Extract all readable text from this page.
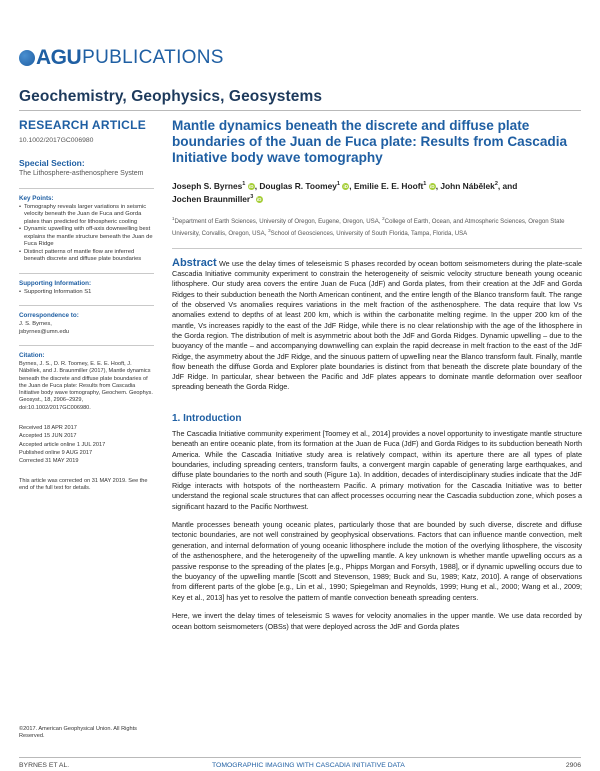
AGU PUBLICATIONS
Geochemistry, Geophysics, Geosystems
RESEARCH ARTICLE
10.1002/2017GC006980
Special Section:
The Lithosphere-asthenosphere System
Key Points:
• Tomography reveals larger variations in seismic velocity beneath the Juan de Fuca and Gorda plates than predicted for lithospheric cooling
• Dynamic upwelling with off-axis downwelling best explains the mantle structure beneath the Juan de Fuca Ridge
• Distinct patterns of mantle flow are inferred beneath discrete and diffuse plate boundaries
Supporting Information:
• Supporting Information S1
Correspondence to:
J. S. Byrnes,
jsbyrnes@umn.edu
Citation:
Byrnes, J. S., D. R. Toomey, E. E. E. Hooft, J. Nábělek, and J. Braunmiller (2017), Mantle dynamics beneath the discrete and diffuse plate boundaries of the Juan de Fuca plate: Results from Cascadia Initiative body wave tomography, Geochem. Geophys. Geosyst., 18, 2906–2929, doi:10.1002/2017GC006980.
Received 18 APR 2017
Accepted 15 JUN 2017
Accepted article online 1 JUL 2017
Published online 9 AUG 2017
Corrected 31 MAY 2019
This article was corrected on 31 MAY 2019. See the end of the full text for details.
©2017. American Geophysical Union. All Rights Reserved.
Mantle dynamics beneath the discrete and diffuse plate boundaries of the Juan de Fuca plate: Results from Cascadia Initiative body wave tomography
Joseph S. Byrnes$^1$ iD, Douglas R. Toomey$^1$ iD, Emilie E. E. Hooft$^1$ iD, John Nábělek$^2$, and
Jochen Braunmiller$^3$ iD
$^1$Department of Earth Sciences, University of Oregon, Eugene, Oregon, USA, $^2$College of Earth, Ocean, and Atmospheric Sciences, Oregon State University, Corvallis, Oregon, USA, $^3$School of Geosciences, University of South Florida, Tampa, Florida, USA
Abstract We use the delay times of teleseismic S phases recorded by ocean bottom seismometers during the plate-scale Cascadia Initiative community experiment to constrain the heterogeneity of seismic velocity structure beneath young oceanic lithosphere. Our study area covers the entire Juan de Fuca (JdF) and Gorda plates, from their creation at the JdF and Gorda Ridges to their subduction beneath the North American continent, and the entire length of the Blanco transform fault. The range of the observed Vs anomalies requires variations in the melt fraction of the asthenosphere. The data require that low Vs anomalies extend to depths of at least 200 km, which is within the carbonatite melting regime. In the upper 200 km of the mantle, Vs increases rapidly to the east of the JdF Ridge, while there is no clear relationship with the age of the lithosphere in the Gorda region. The distribution of melt is asymmetric about both the JdF and Gorda Ridges. Dynamic upwelling – due to the buoyancy of the mantle – and accompanying downwelling can explain the rapid decrease in melt fraction to the east of the JdF Ridge, the asymmetry about the JdF Ridge, and the sinuous pattern of upwelling near the Blanco transform fault. Finally, mantle flow beneath the diffuse Gorda and Explorer plate boundaries is distinct from that beneath the discrete plate boundary of the JdF Ridge. In particular, shear between the Pacific and JdF plates appears to dominate mantle deformation over seafloor spreading beneath the Gorda Ridge.
1. Introduction

The Cascadia Initiative community experiment [Toomey et al., 2014] provides a novel opportunity to investigate mantle structure beneath an entire oceanic plate, from its formation at the Juan de Fuca (JdF) and Gorda Ridges to its subduction beneath North America. While the Cascadia Initiative study area is relatively compact, within its aperture there are all types of plate boundaries, including spreading centers, transform faults, a convergent margin capable of generating large earthquakes, and diffuse plate boundaries to the north and south (Figure 1a). In addition, decades of interdisciplinary studies indicate that the JdF Ridge interacts with hotspots of the northeastern Pacific. A primary motivation for the Cascadia Initiative was to better understand the regional scale structures that can affect processes occurring near the Cascadia subduction zone, which poses a significant hazard to the Pacific Northwest.

Mantle processes beneath young oceanic plates, particularly those that are bounded by such diverse, discrete and diffuse tectonic boundaries, are not well constrained by geophysical observations. Factors that can influence mantle convection, melt generation, and internal deformation of young oceanic lithosphere include the motion of the overlying lithosphere, the viscosity of the asthenosphere, and the heterogeneity of the upwelling mantle. A key unknown is whether mantle upwelling occurs as a passive response to the spreading of the plates [e.g., Phipps Morgan and Forsyth, 1988], or if dynamic upwelling occurs due to the buoyancy of the upwelling mantle [Scott and Stevenson, 1989; Buck and Su, 1989; Katz, 2010]. A range of observations from different parts of the globe [e.g., Lin et al., 1990; Spiegelman and Reynolds, 1999; Hung et al., 2000; Wang et al., 2009; Key et al., 2013] has yet to resolve the pattern of mantle convection beneath spreading centers.

Here, we invert the delay times of teleseismic S waves for velocity anomalies in the upper mantle. We use data recorded by ocean bottom seismometers (OBSs) that were deployed across the JdF and Gorda plates

BYRNES ET AL.	TOMOGRAPHIC IMAGING WITH CASCADIA INITIATIVE DATA	2906
